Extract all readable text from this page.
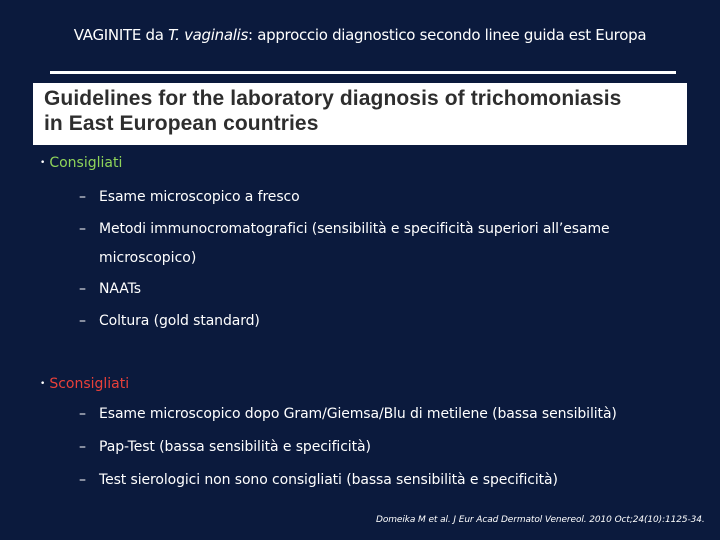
VAGINITE da T. vaginalis: approccio diagnostico secondo linee guida est Europa
Guidelines for the laboratory diagnosis of trichomoniasis
in East European countries
• Consigliati
– Esame microscopico a fresco
– Metodi immunocromatografici (sensibilità e specificità superiori all’esame
microscopico)
– NAATs
– Coltura (gold standard)
• Sconsigliati
– Esame microscopico dopo Gram/Giemsa/Blu di metilene (bassa sensibilità)
– Pap-Test (bassa sensibilità e specificità)
– Test sierologici non sono consigliati (bassa sensibilità e specificità)
Domeika M et al. J Eur Acad Dermatol Venereol. 2010 Oct;24(10):1125-34.
